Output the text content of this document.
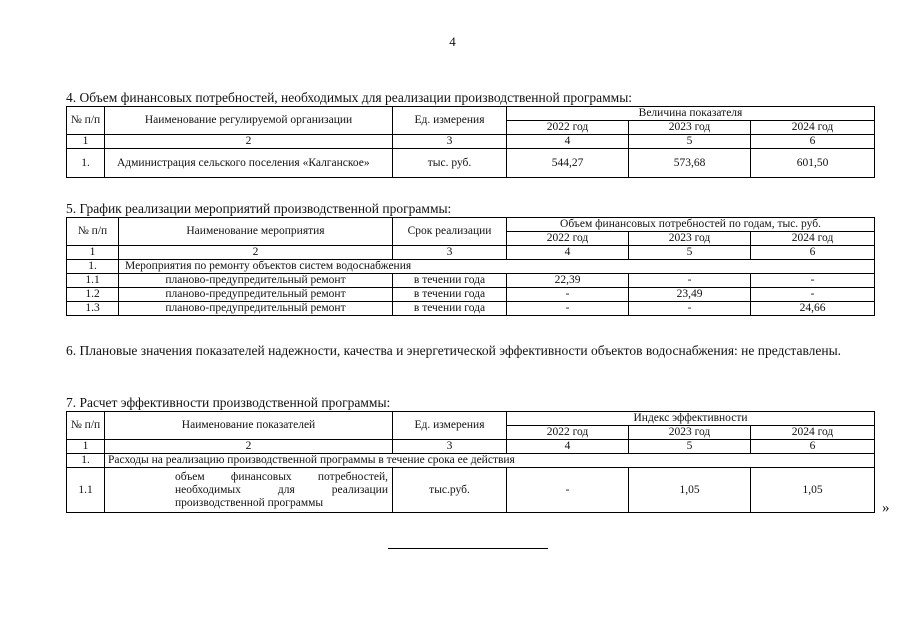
4
4. Объем финансовых потребностей, необходимых для реализации производственной программы:
№ п/п	Наименование регулируемой организации	Ед. измерения	Величина показателя		
			2022 год	2023 год	2024 год
1	2	3	4	5	6
1.	Администрация сельского поселения «Калганское»	тыс. руб.	544,27	573,68	601,50
5. График реализации мероприятий производственной программы:
№ п/п	Наименование мероприятия	Срок реализации	Объем финансовых потребностей по годам, тыс. руб.		
			2022 год	2023 год	2024 год
1	2	3	4	5	6
1.	Мероприятия по ремонту объектов систем водоснабжения				
1.1	планово-предупредительный ремонт	в течении года	22,39	-	-
1.2	планово-предупредительный ремонт	в течении года	-	23,49	-
1.3	планово-предупредительный ремонт	в течении года	-	-	24,66
6. Плановые значения показателей надежности, качества и энергетической эффективности объектов водоснабжения: не представлены.
7. Расчет эффективности производственной программы:
№ п/п	Наименование показателей	Ед. измерения	Индекс эффективности		
			2022 год	2023 год	2024 год
1	2	3	4	5	6
1.	Расходы на реализацию производственной программы в течение срока ее действия				
1.1	объем финансовых потребностей,
необходимых для реализации
производственной программы	тыс.руб.	-	1,05	1,05
»
